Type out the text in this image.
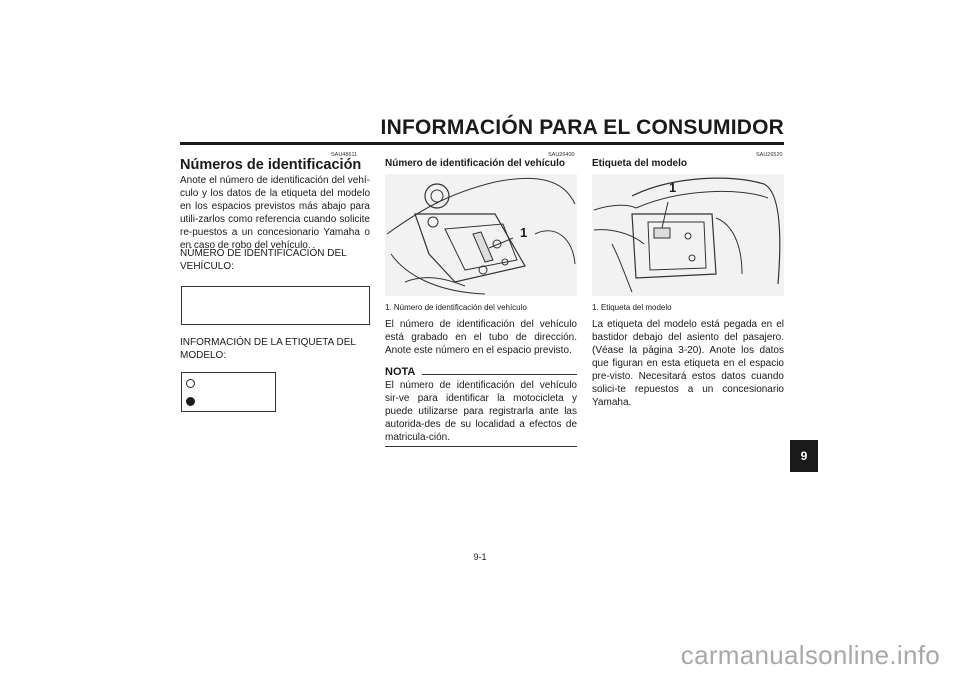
INFORMACIÓN PARA EL CONSUMIDOR
SAU48611
Números de identificación
Anote el número de identificación del vehí-culo y los datos de la etiqueta del modelo en los espacios previstos más abajo para utili-zarlos como referencia cuando solicite re-puestos a un concesionario Yamaha o en caso de robo del vehículo.
NÚMERO DE IDENTIFICACIÓN DEL VEHÍCULO:
INFORMACIÓN DE LA ETIQUETA DEL MODELO:
SAU26400
Número de identificación del vehículo
1
1. Número de identificación del vehículo
El número de identificación del vehículo está grabado en el tubo de dirección. Anote este número en el espacio previsto.
NOTA
El número de identificación del vehículo sir-ve para identificar la motocicleta y puede utilizarse para registrarla ante las autorida-des de su localidad a efectos de matricula-ción.
SAU26520
Etiqueta del modelo
1
1. Etiqueta del modelo
La etiqueta del modelo está pegada en el bastidor debajo del asiento del pasajero. (Véase la página 3-20). Anote los datos que figuran en esta etiqueta en el espacio pre-visto. Necesitará estos datos cuando solici-te repuestos a un concesionario Yamaha.
9
9-1
carmanualsonline.info
